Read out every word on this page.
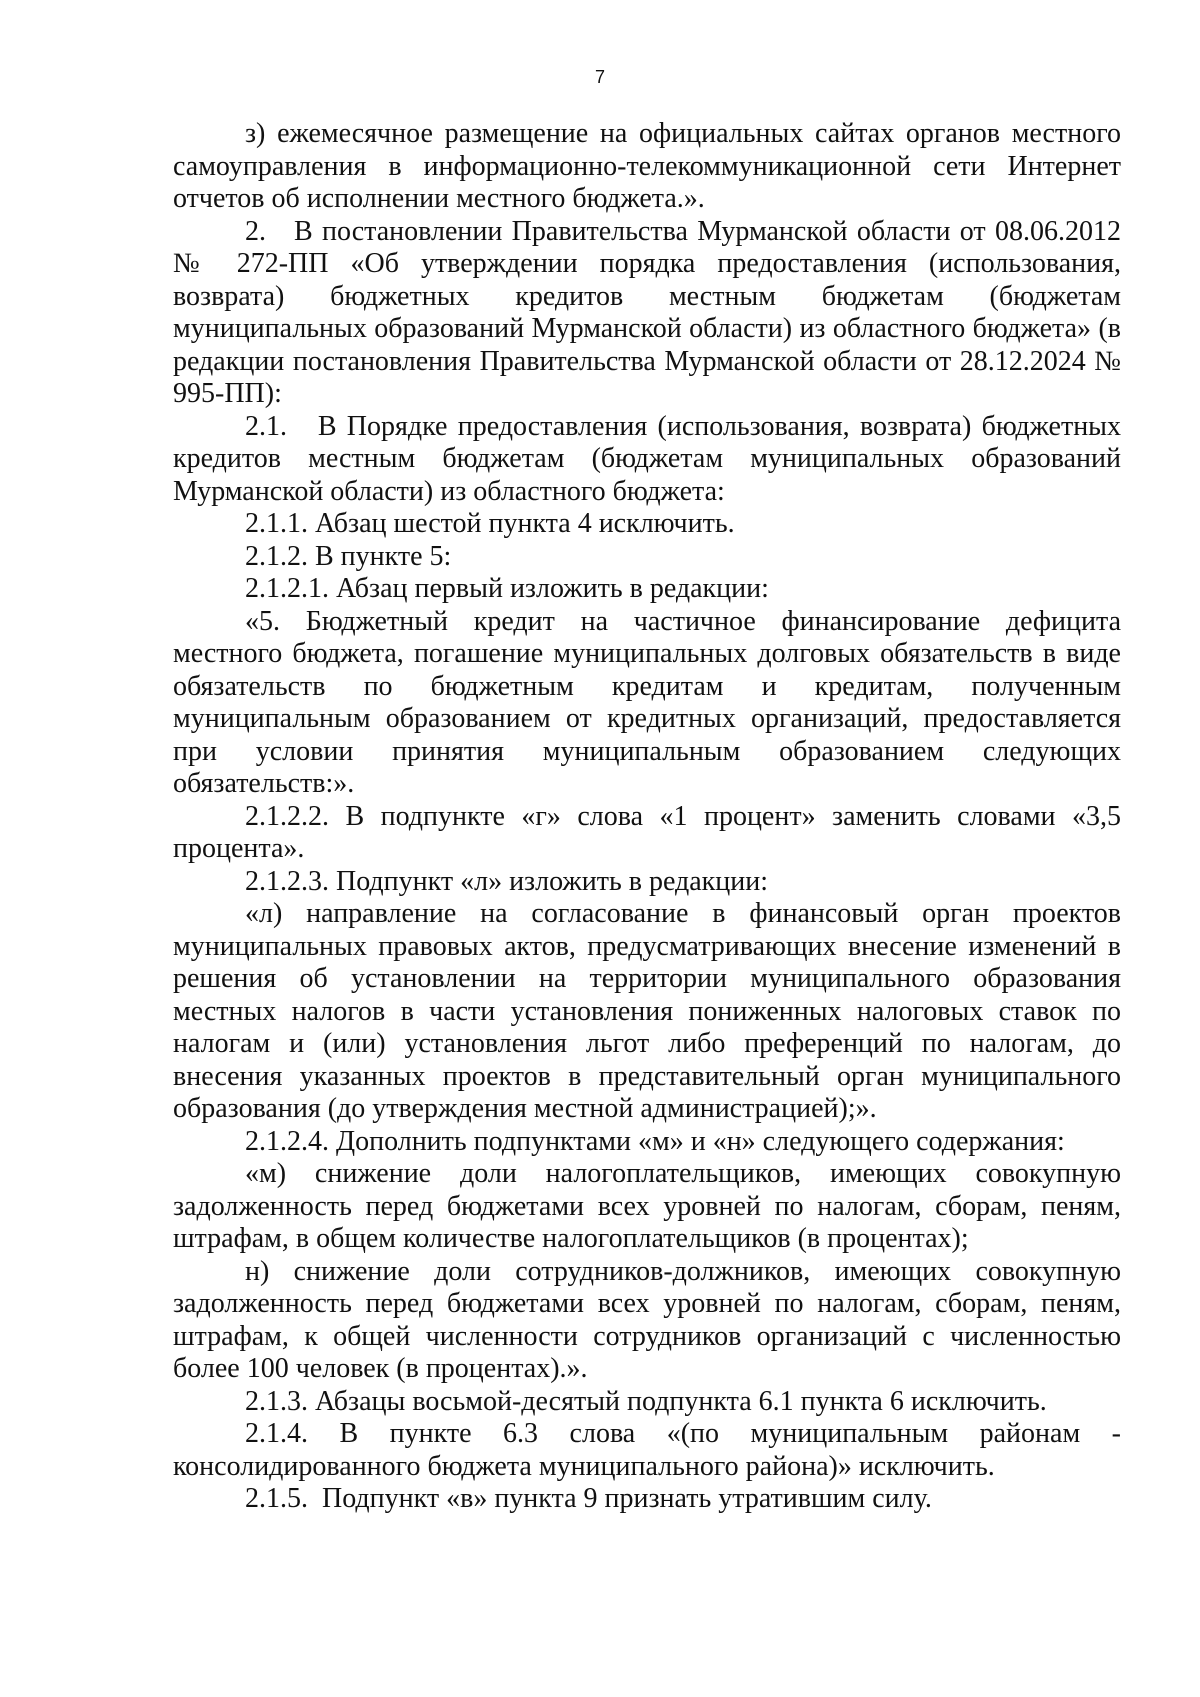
7

з) ежемесячное размещение на официальных сайтах органов местного самоуправления в информационно-телекоммуникационной сети Интернет отчетов об исполнении местного бюджета.».

2.   В постановлении Правительства Мурманской области от 08.06.2012 № 272-ПП «Об утверждении порядка предоставления (использования, возврата) бюджетных кредитов местным бюджетам (бюджетам муниципальных образований Мурманской области) из областного бюджета» (в редакции постановления Правительства Мурманской области от 28.12.2024 № 995-ПП):

2.1.   В Порядке предоставления (использования, возврата) бюджетных кредитов местным бюджетам (бюджетам муниципальных образований Мурманской области) из областного бюджета:

2.1.1. Абзац шестой пункта 4 исключить.

2.1.2. В пункте 5:

2.1.2.1. Абзац первый изложить в редакции:

«5. Бюджетный кредит на частичное финансирование дефицита местного бюджета, погашение муниципальных долговых обязательств в виде обязательств по бюджетным кредитам и кредитам, полученным муниципальным образованием от кредитных организаций, предоставляется при условии принятия муниципальным образованием следующих обязательств:».

2.1.2.2. В подпункте «г» слова «1 процент» заменить словами «3,5 процента».

2.1.2.3. Подпункт «л» изложить в редакции:

«л) направление на согласование в финансовый орган проектов муниципальных правовых актов, предусматривающих внесение изменений в решения об установлении на территории муниципального образования местных налогов в части установления пониженных налоговых ставок по налогам и (или) установления льгот либо преференций по налогам, до внесения указанных проектов в представительный орган муниципального образования (до утверждения местной администрацией);».

2.1.2.4. Дополнить подпунктами «м» и «н» следующего содержания:

«м) снижение доли налогоплательщиков, имеющих совокупную задолженность перед бюджетами всех уровней по налогам, сборам, пеням, штрафам, в общем количестве налогоплательщиков (в процентах);

н) снижение доли сотрудников-должников, имеющих совокупную задолженность перед бюджетами всех уровней по налогам, сборам, пеням, штрафам, к общей численности сотрудников организаций с численностью более 100 человек (в процентах).».

2.1.3. Абзацы восьмой-десятый подпункта 6.1 пункта 6 исключить.

2.1.4. В пункте 6.3 слова «(по муниципальным районам - консолидированного бюджета муниципального района)» исключить.

2.1.5.  Подпункт «в» пункта 9 признать утратившим силу.
